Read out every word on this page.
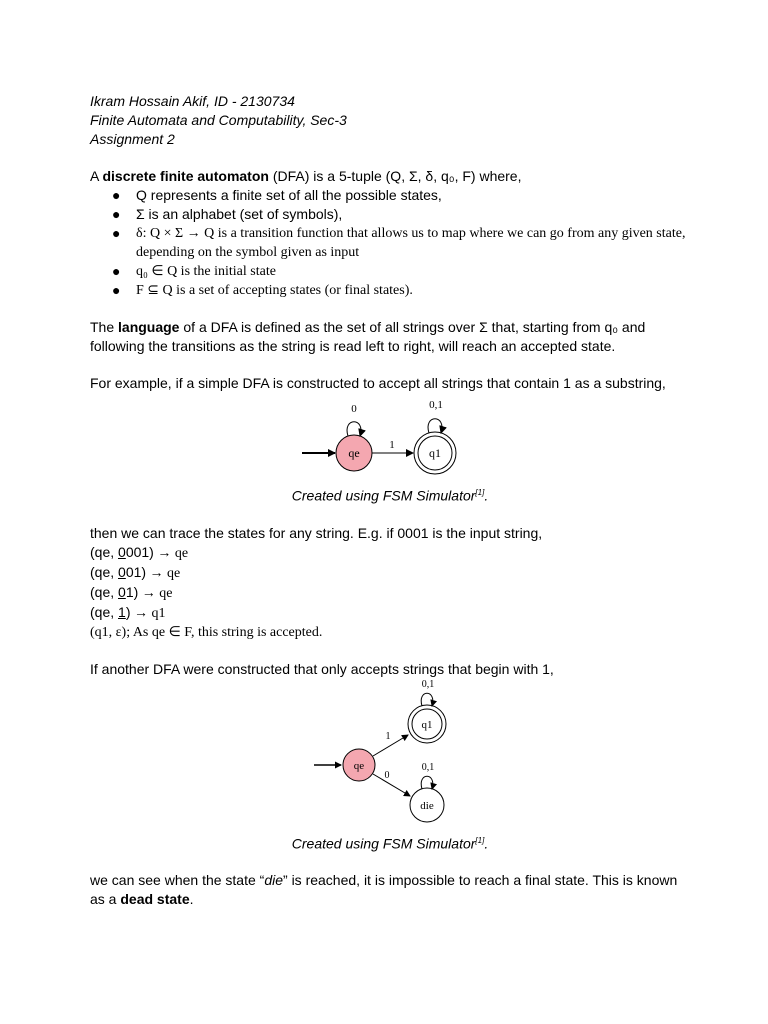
Ikram Hossain Akif, ID - 2130734
Finite Automata and Computability, Sec-3
Assignment 2
A discrete finite automaton (DFA) is a 5-tuple (Q, Σ, δ, q₀, F) where,
● Q represents a finite set of all the possible states,
● Σ is an alphabet (set of symbols),
● δ: Q × Σ → Q is a transition function that allows us to map where we can go from any given state, depending on the symbol given as input
● q₀ ∈ Q is the initial state
● F ⊆ Q is a set of accepting states (or final states).
The language of a DFA is defined as the set of all strings over Σ that, starting from q₀ and
following the transitions as the string is read left to right, will reach an accepted state.
For example, if a simple DFA is constructed to accept all strings that contain 1 as a substring,
qe
0
1
q1
0,1
Created using FSM Simulator[1].
then we can trace the states for any string. E.g. if 0001 is the input string,
(qe, 0001) → qe
(qe, 001) → qe
(qe, 01) → qe
(qe, 1) → q1
(q1, ε); As qe ∈ F, this string is accepted.
If another DFA were constructed that only accepts strings that begin with 1,
qe
q1
0,1
die
0,1
1
0
Created using FSM Simulator[1].
we can see when the state “die” is reached, it is impossible to reach a final state. This is known
as a dead state.
